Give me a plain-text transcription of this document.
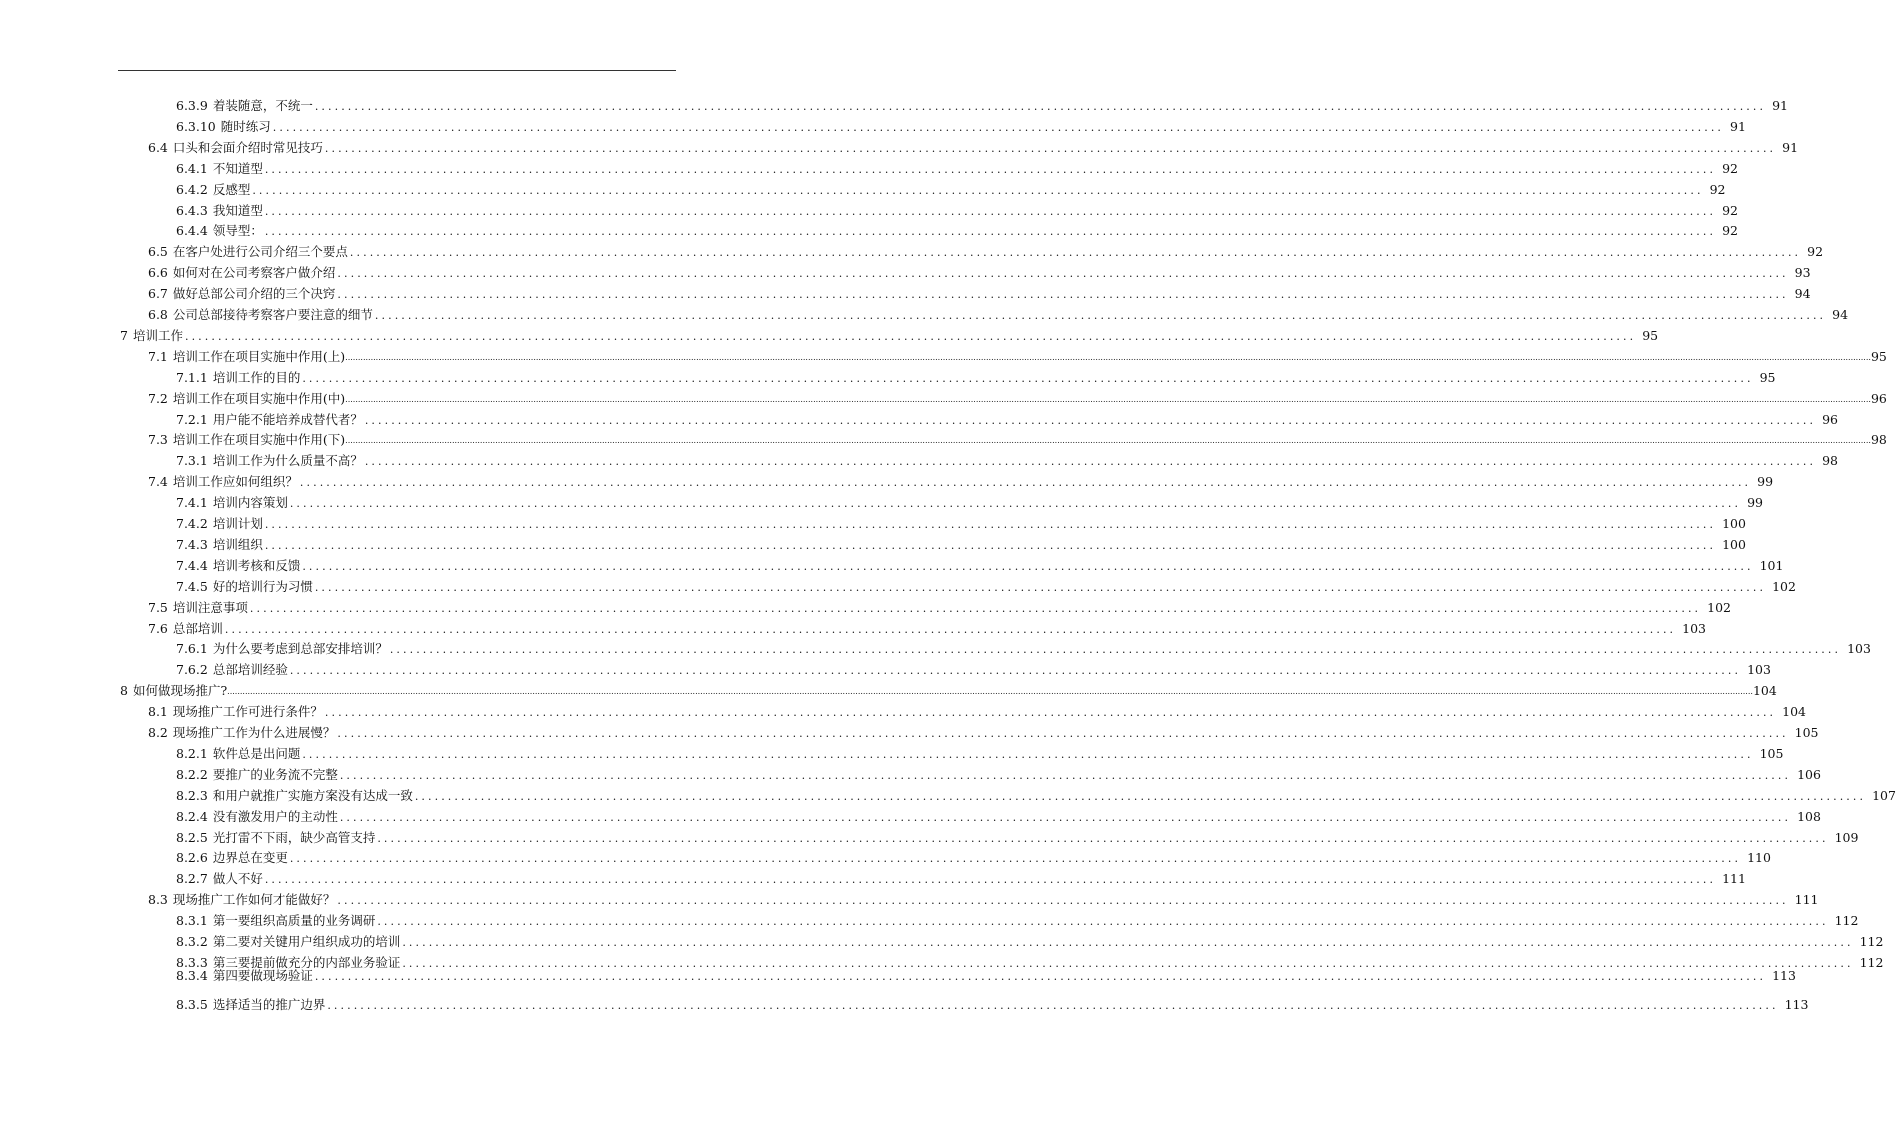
6.3.9 着装随意，不统一 ............................................................................................................................................................................................................................ 91
6.3.10 随时练习 ............................................................................................................................................................................................................................ 91
6.4 口头和会面介绍时常见技巧 ............................................................................................................................................................................................................................ 91
6.4.1 不知道型 ............................................................................................................................................................................................................................ 92
6.4.2 反感型 ............................................................................................................................................................................................................................ 92
6.4.3 我知道型 ............................................................................................................................................................................................................................ 92
6.4.4 领导型： ............................................................................................................................................................................................................................ 92
6.5 在客户处进行公司介绍三个要点 ............................................................................................................................................................................................................................ 92
6.6 如何对在公司考察客户做介绍 ............................................................................................................................................................................................................................ 93
6.7 做好总部公司介绍的三个决窍 ............................................................................................................................................................................................................................ 94
6.8 公司总部接待考察客户要注意的细节 ............................................................................................................................................................................................................................ 94
7 培训工作 ............................................................................................................................................................................................................................ 95
7.1 培训工作在项目实施中作用(上) ........................................................................................................................................................................................................................................................................................................................................................................................................................................................................................................................................................................................................................ 95
7.1.1 培训工作的目的 ............................................................................................................................................................................................................................ 95
7.2 培训工作在项目实施中作用(中) ........................................................................................................................................................................................................................................................................................................................................................................................................................................................................................................................................................................................................................ 96
7.2.1 用户能不能培养成替代者？ ............................................................................................................................................................................................................................ 96
7.3 培训工作在项目实施中作用(下) ........................................................................................................................................................................................................................................................................................................................................................................................................................................................................................................................................................................................................................ 98
7.3.1 培训工作为什么质量不高？ ............................................................................................................................................................................................................................ 98
7.4 培训工作应如何组织？ ............................................................................................................................................................................................................................ 99
7.4.1 培训内容策划 ............................................................................................................................................................................................................................ 99
7.4.2 培训计划 ............................................................................................................................................................................................................................ 100
7.4.3 培训组织 ............................................................................................................................................................................................................................ 100
7.4.4 培训考核和反馈 ............................................................................................................................................................................................................................ 101
7.4.5 好的培训行为习惯 ............................................................................................................................................................................................................................ 102
7.5 培训注意事项 ............................................................................................................................................................................................................................ 102
7.6 总部培训 ............................................................................................................................................................................................................................ 103
7.6.1 为什么要考虑到总部安排培训？ ............................................................................................................................................................................................................................ 103
7.6.2 总部培训经验 ............................................................................................................................................................................................................................ 103
8 如何做现场推广? ........................................................................................................................................................................................................................................................................................................................................................................................................................................................................................................................................................................................................................ 104
8.1 现场推广工作可进行条件？ ............................................................................................................................................................................................................................ 104
8.2 现场推广工作为什么进展慢？ ............................................................................................................................................................................................................................ 105
8.2.1 软件总是出问题 ............................................................................................................................................................................................................................ 105
8.2.2 要推广的业务流不完整 ............................................................................................................................................................................................................................ 106
8.2.3 和用户就推广实施方案没有达成一致 ............................................................................................................................................................................................................................ 107
8.2.4 没有激发用户的主动性 ............................................................................................................................................................................................................................ 108
8.2.5 光打雷不下雨，缺少高管支持 ............................................................................................................................................................................................................................ 109
8.2.6 边界总在变更 ............................................................................................................................................................................................................................ 110
8.2.7 做人不好 ............................................................................................................................................................................................................................ 111
8.3 现场推广工作如何才能做好？ ............................................................................................................................................................................................................................ 111
8.3.1 第一要组织高质量的业务调研 ............................................................................................................................................................................................................................ 112
8.3.2 第二要对关键用户组织成功的培训 ............................................................................................................................................................................................................................ 112
8.3.3 第三要提前做充分的内部业务验证 ............................................................................................................................................................................................................................ 112
8.3.4 第四要做现场验证 ............................................................................................................................................................................................................................ 113
8.3.5 选择适当的推广边界 ............................................................................................................................................................................................................................ 113
